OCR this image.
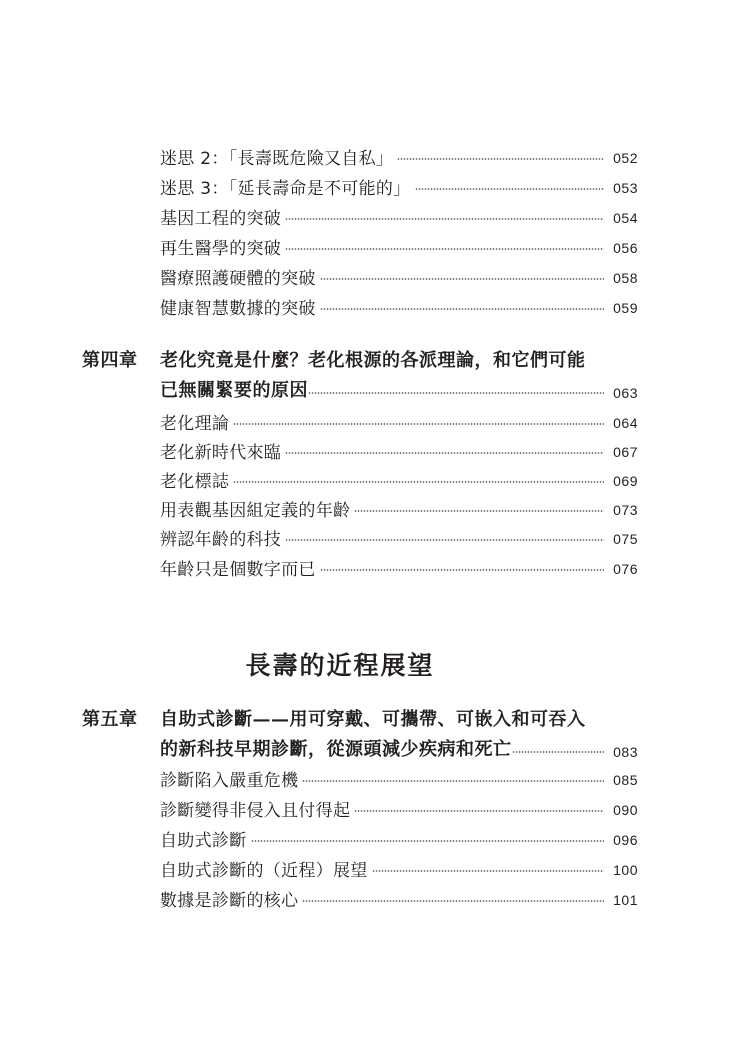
迷思 2：「長壽既危險又自私」	052
迷思 3：「延長壽命是不可能的」	053
基因工程的突破	054
再生醫學的突破	056
醫療照護硬體的突破	058
健康智慧數據的突破	059
第四章 老化究竟是什麼？老化根源的各派理論，和它們可能
已無關緊要的原因	063
老化理論	064
老化新時代來臨	067
老化標誌	069
用表觀基因組定義的年齡	073
辨認年齡的科技	075
年齡只是個數字而已	076
長壽的近程展望
第五章 自助式診斷——用可穿戴、可攜帶、可嵌入和可吞入
的新科技早期診斷，從源頭減少疾病和死亡	083
診斷陷入嚴重危機	085
診斷變得非侵入且付得起	090
自助式診斷	096
自助式診斷的（近程）展望	100
數據是診斷的核心	101
